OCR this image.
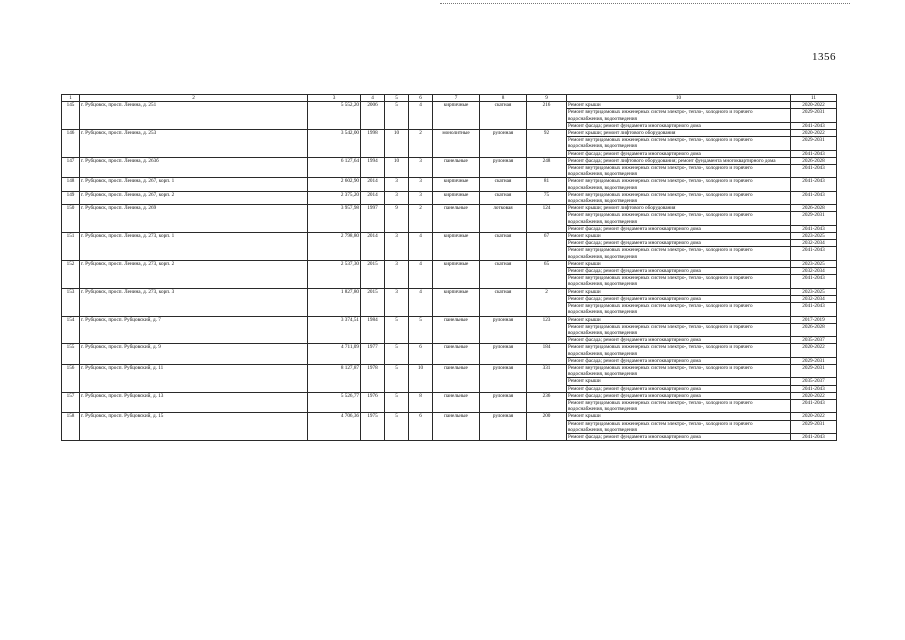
1356
1	2	3	4	5	6	7	8	9	10	11
145	г. Рубцовск, просп. Ленина, д. 251	5 552,20	2006	5	4	кирпичные	скатная	216	Ремонт крыши	2020-2022
									Ремонт внутридомовых инженерных систем электро-, тепло-, холодного и горячего водоснабжения, водоотведения	2029-2031
									Ремонт фасада; ремонт фундамента многоквартирного дома	2041-2043
146	г. Рубцовск, просп. Ленина, д. 253	3 542,00	1998	10	2	монолитные	рулонная	92	Ремонт крыши; ремонт лифтового оборудования	2020-2022
									Ремонт внутридомовых инженерных систем электро-, тепло-, холодного и горячего водоснабжения, водоотведения	2029-2031
									Ремонт фасада; ремонт фундамента многоквартирного дома	2041-2043
147	г. Рубцовск, просп. Ленина, д. 263б	6 127,64	1994	10	3	панельные	рулонная	248	Ремонт фасада; ремонт лифтового оборудования; ремонт фундамента многоквартирного дома	2026-2028
									Ремонт внутридомовых инженерных систем электро-, тепло-, холодного и горячего водоснабжения, водоотведения	2041-2043
148	г. Рубцовск, просп. Ленина, д. 267, корп. 1	2 602,90	2014	3	3	кирпичные	скатная	81	Ремонт внутридомовых инженерных систем электро-, тепло-, холодного и горячего водоснабжения, водоотведения	2041-2043
149	г. Рубцовск, просп. Ленина, д. 267, корп. 2	2 375,20	2014	3	3	кирпичные	скатная	75	Ремонт внутридомовых инженерных систем электро-, тепло-, холодного и горячего водоснабжения, водоотведения	2041-2043
150	г. Рубцовск, просп. Ленина, д. 269	3 957,98	1997	9	2	панельные	лотковая	124	Ремонт крыши; ремонт лифтового оборудования	2026-2028
									Ремонт внутридомовых инженерных систем электро-, тепло-, холодного и горячего водоснабжения, водоотведения	2029-2031
									Ремонт фасада; ремонт фундамента многоквартирного дома	2041-2043
151	г. Рубцовск, просп. Ленина, д. 273, корп. 1	2 798,80	2014	3	4	кирпичные	скатная	67	Ремонт крыши	2023-2025
									Ремонт фасада; ремонт фундамента многоквартирного дома	2032-2034
									Ремонт внутридомовых инженерных систем электро-, тепло-, холодного и горячего водоснабжения, водоотведения	2041-2043
152	г. Рубцовск, просп. Ленина, д. 273, корп. 2	2 537,30	2015	3	4	кирпичные	скатная	65	Ремонт крыши	2023-2025
									Ремонт фасада; ремонт фундамента многоквартирного дома	2032-2034
									Ремонт внутридомовых инженерных систем электро-, тепло-, холодного и горячего водоснабжения, водоотведения	2041-2043
153	г. Рубцовск, просп. Ленина, д. 273, корп. 3	1 827,80	2015	3	4	кирпичные	скатная	2	Ремонт крыши	2023-2025
									Ремонт фасада; ремонт фундамента многоквартирного дома	2032-2034
									Ремонт внутридомовых инженерных систем электро-, тепло-, холодного и горячего водоснабжения, водоотведения	2041-2043
154	г. Рубцовск, просп. Рубцовский, д. 7	3 374,51	1984	5	5	панельные	рулонная	123	Ремонт крыши	2017-2019
									Ремонт внутридомовых инженерных систем электро-, тепло-, холодного и горячего водоснабжения, водоотведения	2026-2028
									Ремонт фасада; ремонт фундамента многоквартирного дома	2035-2037
155	г. Рубцовск, просп. Рубцовский, д. 9	4 711,09	1977	5	6	панельные	рулонная	184	Ремонт внутридомовых инженерных систем электро-, тепло-, холодного и горячего водоснабжения, водоотведения	2020-2022
									Ремонт фасада; ремонт фундамента многоквартирного дома	2029-2031
156	г. Рубцовск, просп. Рубцовский, д. 11	8 127,87	1978	5	10	панельные	рулонная	331	Ремонт внутридомовых инженерных систем электро-, тепло-, холодного и горячего водоснабжения, водоотведения	2029-2031
									Ремонт крыши	2035-2037
									Ремонт фасада; ремонт фундамента многоквартирного дома	2041-2043
157	г. Рубцовск, просп. Рубцовский, д. 13	5 526,77	1976	5	8	панельные	рулонная	236	Ремонт фасада; ремонт фундамента многоквартирного дома	2020-2022
									Ремонт внутридомовых инженерных систем электро-, тепло-, холодного и горячего водоснабжения, водоотведения	2041-2043
158	г. Рубцовск, просп. Рубцовский, д. 15	4 706,36	1975	5	6	панельные	рулонная	200	Ремонт крыши	2020-2022
									Ремонт внутридомовых инженерных систем электро-, тепло-, холодного и горячего водоснабжения, водоотведения	2029-2031
									Ремонт фасада; ремонт фундамента многоквартирного дома	2041-2043
